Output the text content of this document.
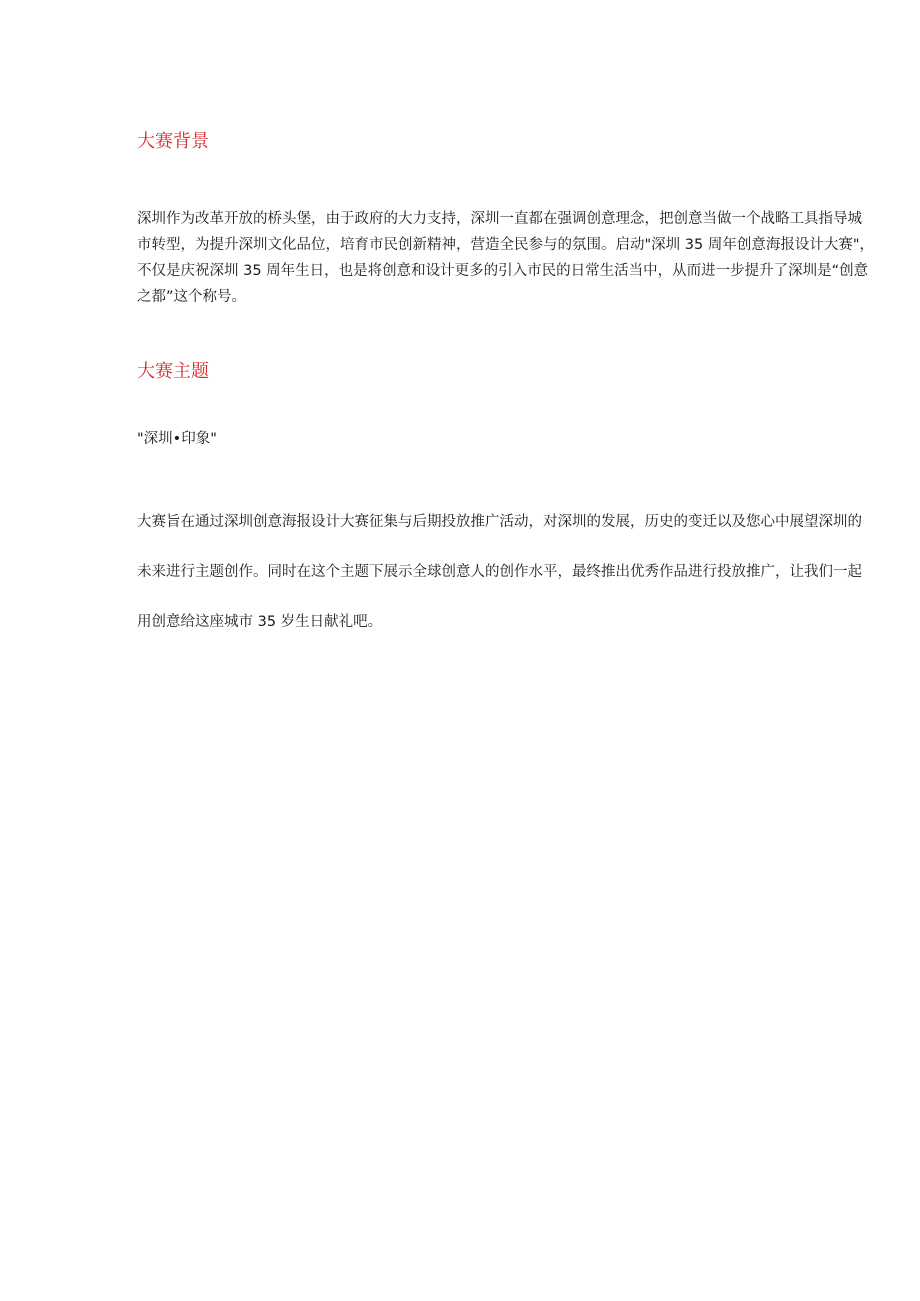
大赛背景
深圳作为改革开放的桥头堡，由于政府的大力支持，深圳一直都在强调创意理念，把创意当做一个战略工具指导城
市转型，为提升深圳文化品位，培育市民创新精神，营造全民参与的氛围。启动"深圳 35 周年创意海报设计大赛"，
不仅是庆祝深圳 35 周年生日，也是将创意和设计更多的引入市民的日常生活当中，从而进一步提升了深圳是“创意
之都”这个称号。
大赛主题
"深圳•印象"
大赛旨在通过深圳创意海报设计大赛征集与后期投放推广活动，对深圳的发展，历史的变迁以及您心中展望深圳的
未来进行主题创作。同时在这个主题下展示全球创意人的创作水平，最终推出优秀作品进行投放推广，让我们一起
用创意给这座城市 35 岁生日献礼吧。
